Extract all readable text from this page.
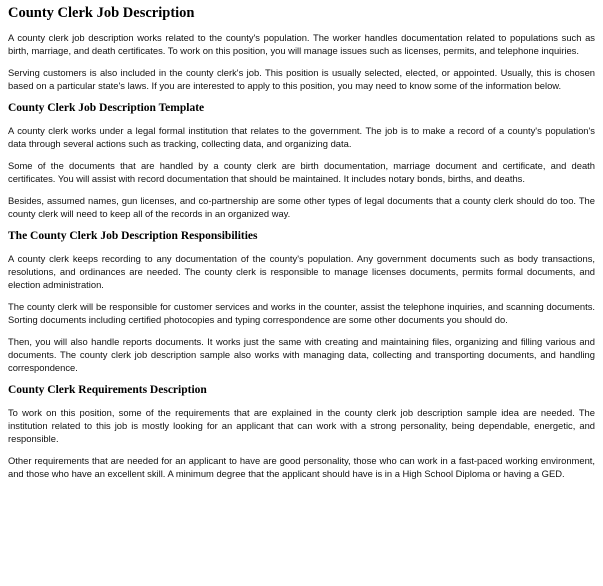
County Clerk Job Description

A county clerk job description works related to the county's population. The worker handles documentation related to populations such as birth, marriage, and death certificates. To work on this position, you will manage issues such as licenses, permits, and telephone inquiries.

Serving customers is also included in the county clerk's job. This position is usually selected, elected, or appointed. Usually, this is chosen based on a particular state's laws. If you are interested to apply to this position, you may need to know some of the information below.

County Clerk Job Description Template

A county clerk works under a legal formal institution that relates to the government. The job is to make a record of a county's population's data through several actions such as tracking, collecting data, and organizing data.

Some of the documents that are handled by a county clerk are birth documentation, marriage document and certificate, and death certificates. You will assist with record documentation that should be maintained. It includes notary bonds, births, and deaths.

Besides, assumed names, gun licenses, and co-partnership are some other types of legal documents that a county clerk should do too. The county clerk will need to keep all of the records in an organized way.

The County Clerk Job Description Responsibilities

A county clerk keeps recording to any documentation of the county's population. Any government documents such as body transactions, resolutions, and ordinances are needed. The county clerk is responsible to manage licenses documents, permits formal documents, and election administration.

The county clerk will be responsible for customer services and works in the counter, assist the telephone inquiries, and scanning documents. Sorting documents including certified photocopies and typing correspondence are some other documents you should do.

Then, you will also handle reports documents. It works just the same with creating and maintaining files, organizing and filling various and documents. The county clerk job description sample also works with managing data, collecting and transporting documents, and handling correspondence.

County Clerk Requirements Description

To work on this position, some of the requirements that are explained in the county clerk job description sample idea are needed. The institution related to this job is mostly looking for an applicant that can work with a strong personality, being dependable, energetic, and responsible.

Other requirements that are needed for an applicant to have are good personality, those who can work in a fast-paced working environment, and those who have an excellent skill. A minimum degree that the applicant should have is in a High School Diploma or having a GED.
